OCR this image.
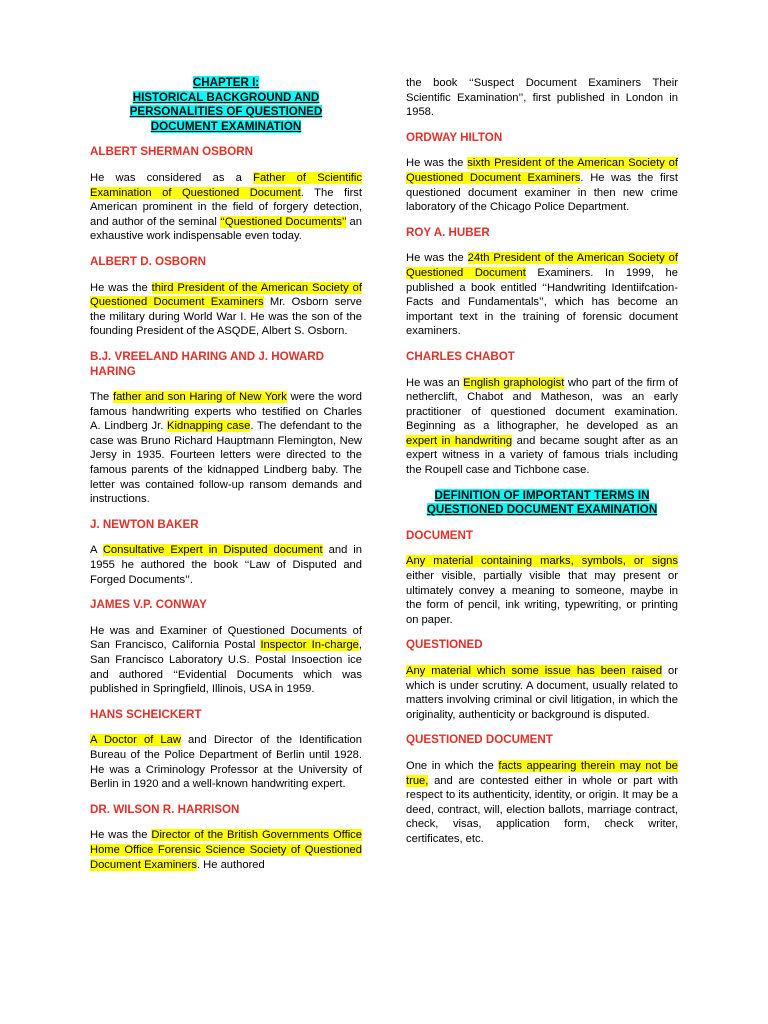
CHAPTER I:
HISTORICAL BACKGROUND AND
PERSONALITIES OF QUESTIONED
DOCUMENT EXAMINATION
ALBERT SHERMAN OSBORN

He was considered as a Father of Scientific Examination of Questioned Document. The first American prominent in the field of forgery detection, and author of the seminal ‘‘Questioned Documents’’ an exhaustive work indispensable even today.

ALBERT D. OSBORN

He was the third President of the American Society of Questioned Document Examiners Mr. Osborn serve the military during World War I. He was the son of the founding President of the ASQDE, Albert S. Osborn.

B.J. VREELAND HARING AND J. HOWARD HARING

The father and son Haring of New York were the word famous handwriting experts who testified on Charles A. Lindberg Jr. Kidnapping case. The defendant to the case was Bruno Richard Hauptmann Flemington, New Jersy in 1935. Fourteen letters were directed to the famous parents of the kidnapped Lindberg baby. The letter was contained follow-up ransom demands and instructions.

J. NEWTON BAKER

A Consultative Expert in Disputed document and in 1955 he authored the book ‘‘Law of Disputed and Forged Documents’’.

JAMES V.P. CONWAY

He was and Examiner of Questioned Documents of San Francisco, California Postal Inspector In-charge, San Francisco Laboratory U.S. Postal Insoection ice and authored ‘‘Evidential Documents which was published in Springfield, Illinois, USA in 1959.

HANS SCHEICKERT

A Doctor of Law and Director of the Identification Bureau of the Police Department of Berlin until 1928. He was a Criminology Professor at the University of Berlin in 1920 and a well-known handwriting expert.

DR. WILSON R. HARRISON

He was the Director of the British Governments Office Home Office Forensic Science Society of Questioned Document Examiners. He authored

the book ‘‘Suspect Document Examiners Their Scientific Examination’’, first published in London in 1958.

ORDWAY HILTON

He was the sixth President of the American Society of Questioned Document Examiners. He was the first questioned document examiner in then new crime laboratory of the Chicago Police Department.

ROY A. HUBER

He was the 24th President of the American Society of Questioned Document Examiners. In 1999, he published a book entitled ‘‘Handwriting Identiifcation- Facts and Fundamentals’’, which has become an important text in the training of forensic document examiners.

CHARLES CHABOT

He was an English graphologist who part of the firm of netherclift, Chabot and Matheson, was an early practitioner of questioned document examination. Beginning as a lithographer, he developed as an expert in handwriting and became sought after as an expert witness in a variety of famous trials including the Roupell case and Tichbone case.

DEFINITION OF IMPORTANT TERMS IN
QUESTIONED DOCUMENT EXAMINATION
DOCUMENT

Any material containing marks, symbols, or signs either visible, partially visible that may present or ultimately convey a meaning to someone, maybe in the form of pencil, ink writing, typewriting, or printing on paper.

QUESTIONED

Any material which some issue has been raised or which is under scrutiny. A document, usually related to matters involving criminal or civil litigation, in which the originality, authenticity or background is disputed.

QUESTIONED DOCUMENT

One in which the facts appearing therein may not be true, and are contested either in whole or part with respect to its authenticity, identity, or origin. It may be a deed, contract, will, election ballots, marriage contract, check, visas, application form, check writer, certificates, etc.
